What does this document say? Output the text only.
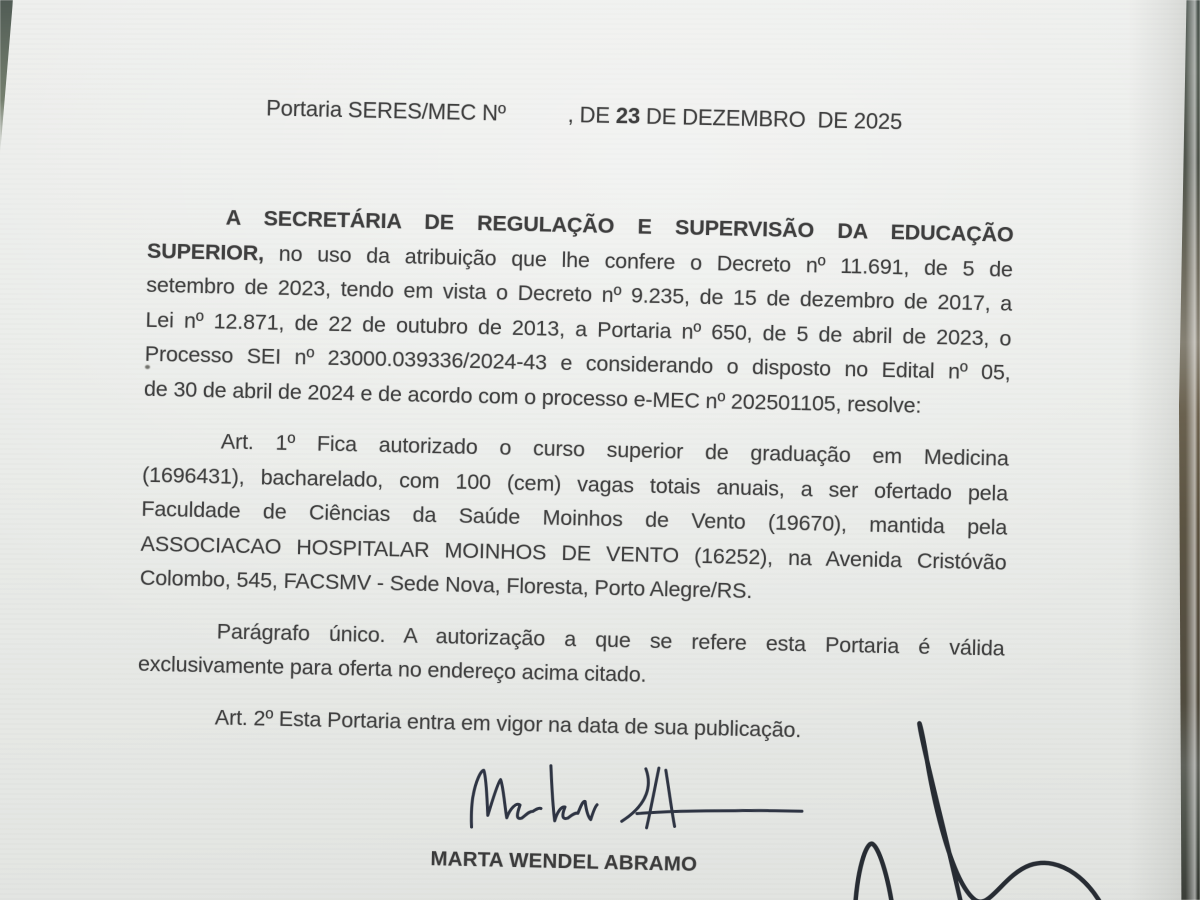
Portaria SERES/MEC Nº	, DE 23 DE DEZEMBRO  DE 2025
A SECRETÁRIA DE REGULAÇÃO E SUPERVISÃO DA EDUCAÇÃO
SUPERIOR, no uso da atribuição que lhe confere o Decreto nº 11.691, de 5 de
setembro de 2023, tendo em vista o Decreto nº 9.235, de 15 de dezembro de 2017, a
Lei nº 12.871, de 22 de outubro de 2013, a Portaria nº 650, de 5 de abril de 2023, o
Processo SEI nº 23000.039336/2024-43 e considerando o disposto no Edital nº 05,
de 30 de abril de 2024 e de acordo com o processo e-MEC nº 202501105, resolve:
Art. 1º Fica autorizado o curso superior de graduação em Medicina
(1696431), bacharelado, com 100 (cem) vagas totais anuais, a ser ofertado pela
Faculdade de Ciências da Saúde Moinhos de Vento (19670), mantida pela
ASSOCIACAO HOSPITALAR MOINHOS DE VENTO (16252), na Avenida Cristóvão
Colombo, 545, FACSMV - Sede Nova, Floresta, Porto Alegre/RS.
Parágrafo único. A autorização a que se refere esta Portaria é válida
exclusivamente para oferta no endereço acima citado.
Art. 2º Esta Portaria entra em vigor na data de sua publicação.
MARTA WENDEL ABRAMO
